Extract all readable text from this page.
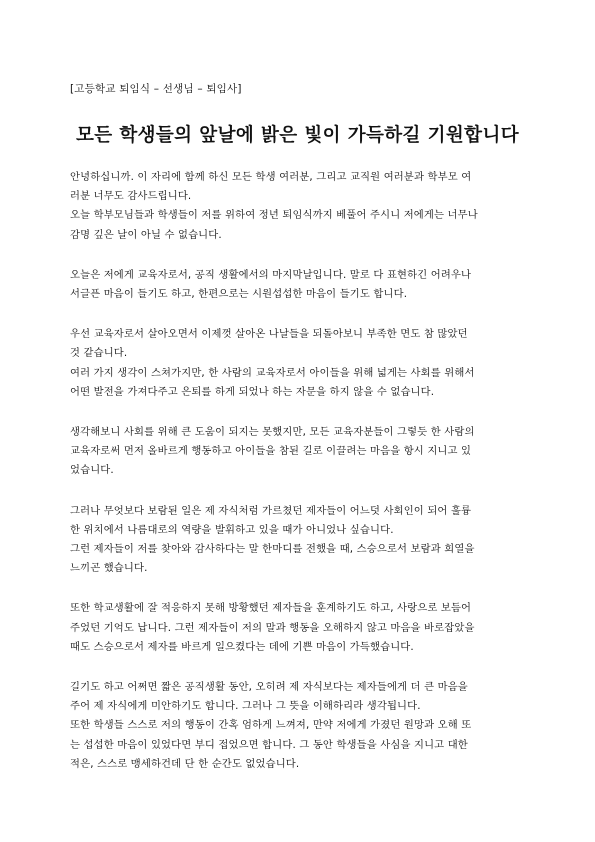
[고등학교 퇴임식 – 선생님 – 퇴임사]
모든 학생들의 앞날에 밝은 빛이 가득하길 기원합니다
안녕하십니까. 이 자리에 함께 하신 모든 학생 여러분, 그리고 교직원 여러분과 학부모 여
러분 너무도 감사드립니다.
오늘 학부모님들과 학생들이 저를 위하여 정년 퇴임식까지 베풀어 주시니 저에게는 너무나
감명 깊은 날이 아닐 수 없습니다.
오늘은 저에게 교육자로서, 공직 생활에서의 마지막날입니다. 말로 다 표현하긴 어려우나
서글픈 마음이 들기도 하고, 한편으로는 시원섭섭한 마음이 들기도 합니다.
우선 교육자로서 살아오면서 이제껏 살아온 나날들을 되돌아보니 부족한 면도 참 많았던
것 같습니다.
여러 가지 생각이 스쳐가지만, 한 사람의 교육자로서 아이들을 위해 넓게는 사회를 위해서
어떤 발전을 가져다주고 은퇴를 하게 되었나 하는 자문을 하지 않을 수 없습니다.
생각해보니 사회를 위해 큰 도움이 되지는 못했지만, 모든 교육자분들이 그렇듯 한 사람의
교육자로써 먼저 올바르게 행동하고 아이들을 참된 길로 이끌려는 마음을 항시 지니고 있
었습니다.
그러나 무엇보다 보람된 일은 제 자식처럼 가르쳤던 제자들이 어느덧 사회인이 되어 훌륭
한 위치에서 나름대로의 역량을 발휘하고 있을 때가 아니었나 싶습니다.
그런 제자들이 저를 찾아와 감사하다는 말 한마디를 전했을 때, 스승으로서 보람과 희열을
느끼곤 했습니다.
또한 학교생활에 잘 적응하지 못해 방황했던 제자들을 훈계하기도 하고, 사랑으로 보듬어
주었던 기억도 납니다. 그런 제자들이 저의 말과 행동을 오해하지 않고 마음을 바로잡았을
때도 스승으로서 제자를 바르게 일으켰다는 데에 기쁜 마음이 가득했습니다.
길기도 하고 어쩌면 짧은 공직생활 동안, 오히려 제 자식보다는 제자들에게 더 큰 마음을
주어 제 자식에게 미안하기도 합니다. 그러나 그 뜻을 이해하리라 생각됩니다.
또한 학생들 스스로 저의 행동이 간혹 엄하게 느껴져, 만약 저에게 가졌던 원망과 오해 또
는 섭섭한 마음이 있었다면 부디 접었으면 합니다. 그 동안 학생들을 사심을 지니고 대한
적은, 스스로 맹세하건데 단 한 순간도 없었습니다.
